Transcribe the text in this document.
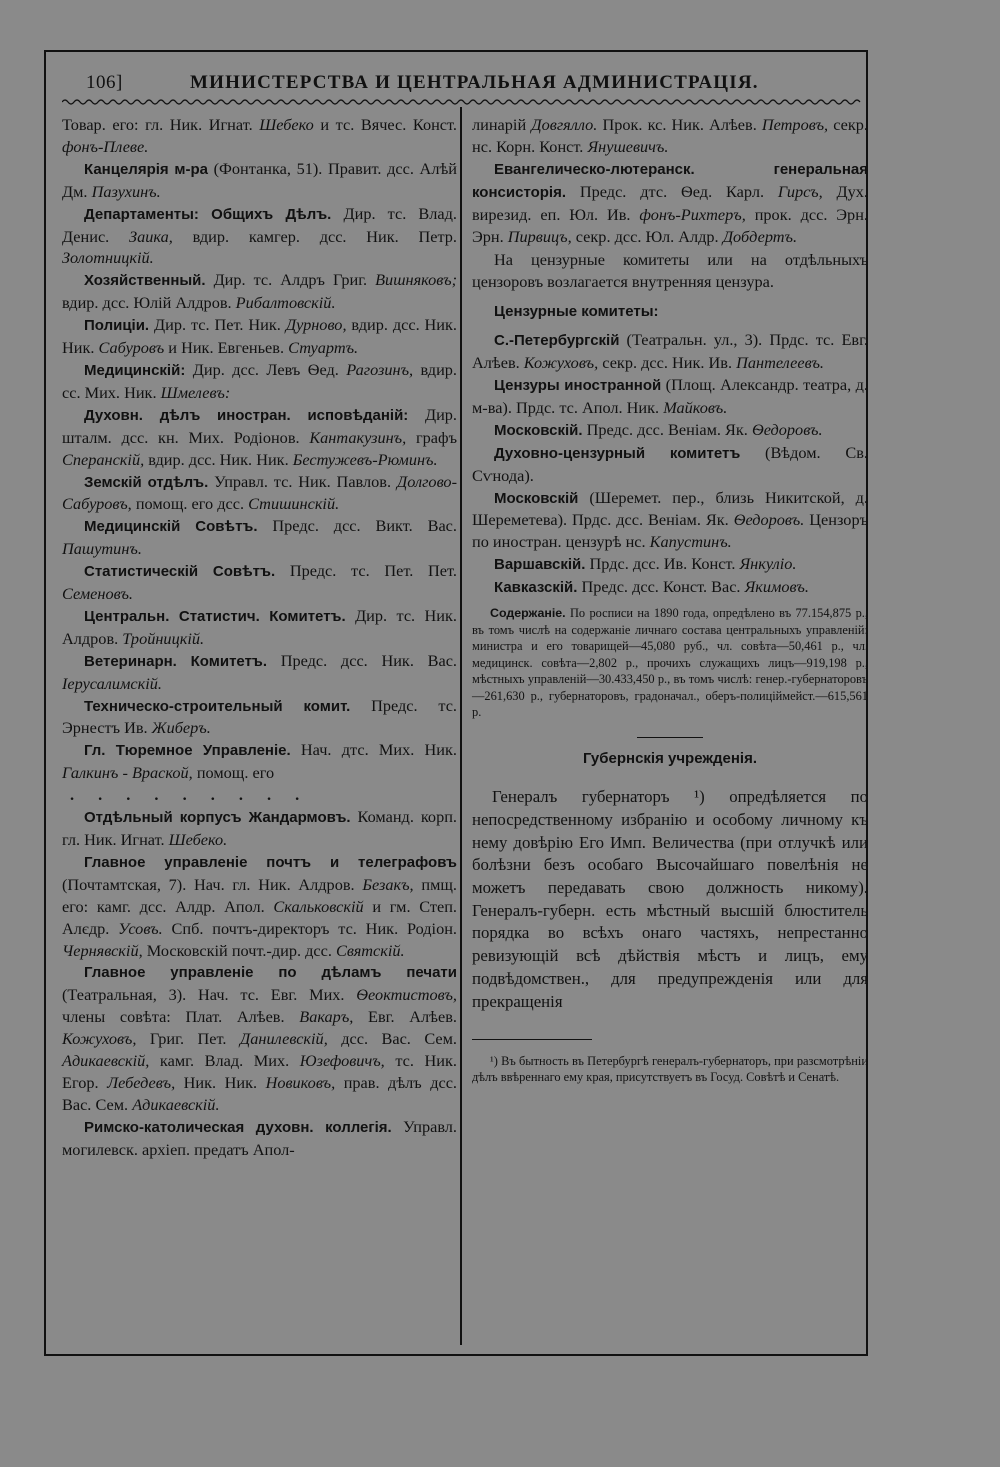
106]	МИНИСТЕРСТВА И ЦЕНТРАЛЬНАЯ АДМИНИСТРАЦІЯ.

Товар. его: гл. Ник. Игнат. Шебеко и тс. Вячес. Конст. фонъ-Плеве.

Канцелярія м-ра (Фонтанка, 51). Правит. дсс. Алѣй Дм. Пазухинъ.

Департаменты: Общихъ Дѣлъ. Дир. тс. Влад. Денис. Заика, вдир. камгер. дсс. Ник. Петр. Золотницкій.

Хозяйственный. Дир. тс. Алдръ Григ. Вишняковъ; вдир. дсс. Юлій Алдров. Рибалтовскій.

Полиціи. Дир. тс. Пет. Ник. Дурново, вдир. дсс. Ник. Ник. Сабуровъ и Ник. Евгеньев. Стуартъ.

Медицинскій: Дир. дсс. Левъ Ѳед. Рагозинъ, вдир. сс. Мих. Ник. Шмелевъ:

Духовн. дѣлъ иностран. исповѣданій: Дир. шталм. дсс. кн. Мих. Родіонов. Кантакузинъ, графъ Сперанскій, вдир. дсс. Ник. Ник. Бестужевъ-Рюминъ.

Земскій отдѣлъ. Управл. тс. Ник. Павлов. Долгово-Сабуровъ, помощ. его дсс. Стишинскій.

Медицинскій Совѣтъ. Предс. дсс. Викт. Вас. Пашутинъ.

Статистическій Совѣтъ. Предс. тс. Пет. Пет. Семеновъ.

Центральн. Статистич. Комитетъ. Дир. тс. Ник. Алдров. Тройницкій.

Ветеринарн. Комитетъ. Предс. дсс. Ник. Вас. Іерусалимскій.

Техническо-строительный комит. Предс. тс. Эрнестъ Ив. Жиберъ.

Гл. Тюремное Управленіе. Нач. дтс. Мих. Ник. Галкинъ - Враской, помощ. его

. . . . . . . . .

Отдѣльный корпусъ Жандармовъ. Команд. корп. гл. Ник. Игнат. Шебеко.

Главное управленіе почтъ и телеграфовъ (Почтамтская, 7). Нач. гл. Ник. Алдров. Безакъ, пмщ. его: камг. дсс. Алдр. Апол. Скальковскій и гм. Степ. Алєдр. Усовъ. Спб. почтъ-директоръ тс. Ник. Родіон. Чернявскій, Московскій почт.-дир. дсс. Святскій.

Главное управленіе по дѣламъ печати (Театральная, 3). Нач. тс. Евг. Мих. Ѳеоктистовъ, члены совѣта: Плат. Алѣев. Вакаръ, Евг. Алѣев. Кожуховъ, Григ. Пет. Данилевскій, дсс. Вас. Сем. Адикаевскій, камг. Влад. Мих. Юзефовичъ, тс. Ник. Егор. Лебедевъ, Ник. Ник. Новиковъ, прав. дѣлъ дсс. Вас. Сем. Адикаевскій.

Римско-католическая духовн. коллегія. Управл. могилевск. архіеп. предатъ Апол-

линарій Довгялло. Прок. кс. Ник. Алѣев. Петровъ, секр. нс. Корн. Конст. Янушевичъ.

Евангелическо-лютеранск. генеральная консисторія. Предс. дтс. Ѳед. Карл. Гирсъ, Дух. вирезид. еп. Юл. Ив. фонъ-Рихтеръ, прок. дсс. Эрн. Эрн. Пирвицъ, секр. дсс. Юл. Алдр. Добдертъ.

На цензурные комитеты или на отдѣльныхъ цензоровъ возлагается внутренняя цензура.

Цензурные комитеты:

С.-Петербургскій (Театральн. ул., 3). Прдс. тс. Евг. Алѣев. Кожуховъ, секр. дсс. Ник. Ив. Пантелеевъ.

Цензуры иностранной (Площ. Александр. театра, д. м-ва). Прдс. тс. Апол. Ник. Майковъ.

Московскій. Предс. дсс. Веніам. Як. Ѳедоровъ.

Духовно-цензурный комитетъ (Вѣдом. Св. Сѵнода).

Московскій (Шеремет. пер., близь Никитской, д. Шереметева). Прдс. дсс. Веніам. Як. Ѳедоровъ. Цензоръ по иностран. цензурѣ нс. Капустинъ.

Варшавскій. Прдс. дсс. Ив. Конст. Янкуліо.

Кавказскій. Предс. дсс. Конст. Вас. Якимовъ.

Содержаніе. По росписи на 1890 года, опредѣлено въ 77.154,875 р., въ томъ числѣ на содержаніе личнаго состава центральныхъ управленій: министра и его товарищей—45,080 руб., чл. совѣта—50,461 р., чл. медицинск. совѣта—2,802 р., прочихъ служащихъ лицъ—919,198 р., мѣстныхъ управленій—30.433,450 р., въ томъ числѣ: генер.-губернаторовъ—261,630 р., губернаторовъ, градоначал., оберъ-полиціймейст.—615,561 р.

Губернскія учрежденія.

Генералъ губернаторъ ¹) опредѣляется по непосредственному избранію и особому личному къ нему довѣрію Его Имп. Величества (при отлучкѣ или болѣзни безъ особаго Высочайшаго повелѣнія не можетъ передавать свою должность никому). Генералъ-губерн. есть мѣстный высшій блюститель порядка во всѣхъ онаго частяхъ, непрестанно ревизующій всѣ дѣйствія мѣстъ и лицъ, ему подвѣдомствен., для предупрежденія или для прекращенія

¹) Въ бытность въ Петербургѣ генералъ-губернаторъ, при разсмотрѣніи дѣлъ ввѣреннаго ему края, присутствуетъ въ Госуд. Совѣтѣ и Сенатѣ.
